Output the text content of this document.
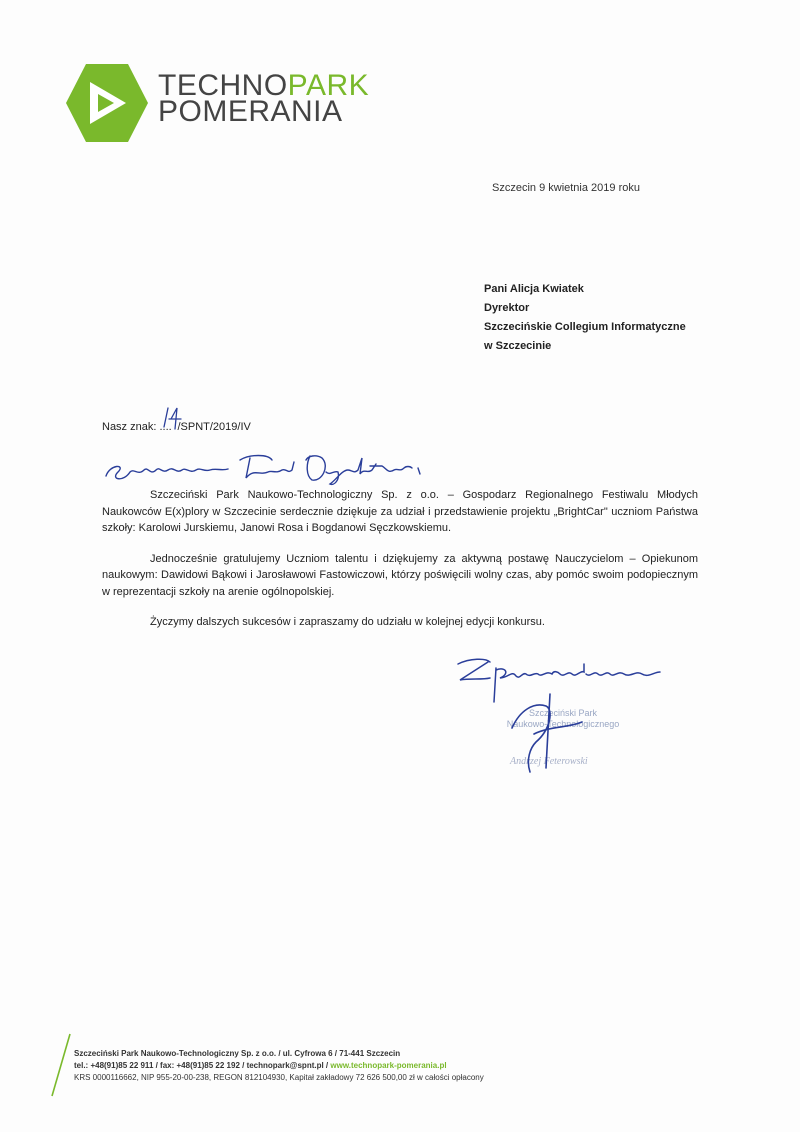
TECHNOPARK
POMERANIA
Szczecin 9 kwietnia 2019 roku
Pani Alicja Kwiatek
Dyrektor
Szczecińskie Collegium Informatyczne
w Szczecinie
Nasz znak: .... /SPNT/2019/IV

Szczeciński Park Naukowo-Technologiczny Sp. z o.o. – Gospodarz Regionalnego Festiwalu Młodych Naukowców E(x)plory w Szczecinie serdecznie dziękuje za udział i przedstawienie projektu „BrightCar" uczniom Państwa szkoły: Karolowi Jurskiemu, Janowi Rosa i Bogdanowi Sęczkowskiemu.

Jednocześnie gratulujemy Uczniom talentu i dziękujemy za aktywną postawę Nauczycielom – Opiekunom naukowym: Dawidowi Bąkowi i Jarosławowi Fastowiczowi, którzy poświęcili wolny czas, aby pomóc swoim podopiecznym w reprezentacji szkoły na arenie ogólnopolskiej.

Życzymy dalszych sukcesów i zapraszamy do udziału w kolejnej edycji konkursu.

Szczeciński Park
Naukowo-Technologicznego
Andrzej Feterowski
Szczeciński Park Naukowo-Technologiczny Sp. z o.o. / ul. Cyfrowa 6 / 71-441 Szczecin
tel.: +48(91)85 22 911 / fax: +48(91)85 22 192 / technopark@spnt.pl / www.technopark-pomerania.pl
KRS 0000116662, NIP 955-20-00-238, REGON 812104930, Kapitał zakładowy 72 626 500,00 zł w całości opłacony
